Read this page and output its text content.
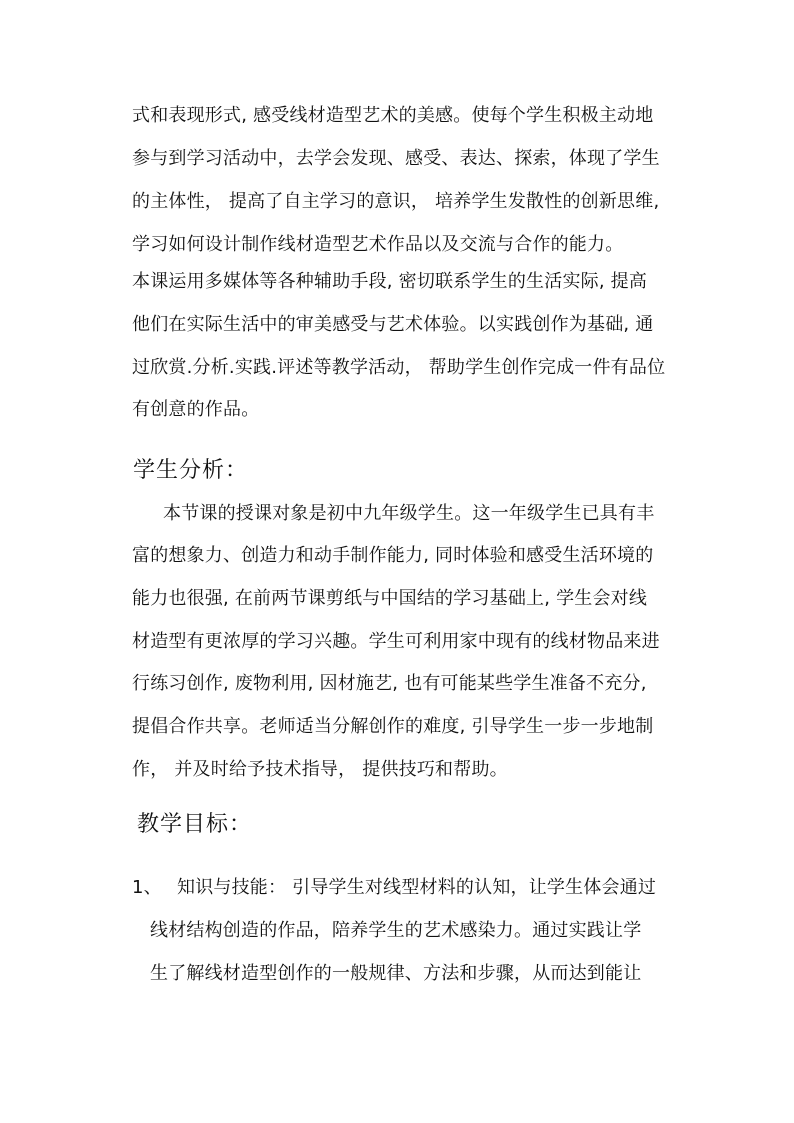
式和表现形式, 感受线材造型艺术的美感。使每个学生积极主动地
参与到学习活动中，去学会发现、感受、表达、探索，体现了学生
的主体性， 提高了自主学习的意识， 培养学生发散性的创新思维,
学习如何设计制作线材造型艺术作品以及交流与合作的能力。
本课运用多媒体等各种辅助手段, 密切联系学生的生活实际, 提高
他们在实际生活中的审美感受与艺术体验。以实践创作为基础, 通
过欣赏.分析.实践.评述等教学活动， 帮助学生创作完成一件有品位
有创意的作品。
学生分析：
本节课的授课对象是初中九年级学生。这一年级学生已具有丰
富的想象力、创造力和动手制作能力, 同时体验和感受生活环境的
能力也很强, 在前两节课剪纸与中国结的学习基础上, 学生会对线
材造型有更浓厚的学习兴趣。学生可利用家中现有的线材物品来进
行练习创作, 废物利用, 因材施艺, 也有可能某些学生准备不充分,
提倡合作共享。老师适当分解创作的难度, 引导学生一步一步地制
作， 并及时给予技术指导， 提供技巧和帮助。
教学目标：
1、 知识与技能： 引导学生对线型材料的认知，让学生体会通过
线材结构创造的作品，陪养学生的艺术感染力。通过实践让学
生了解线材造型创作的一般规律、方法和步骤，从而达到能让
